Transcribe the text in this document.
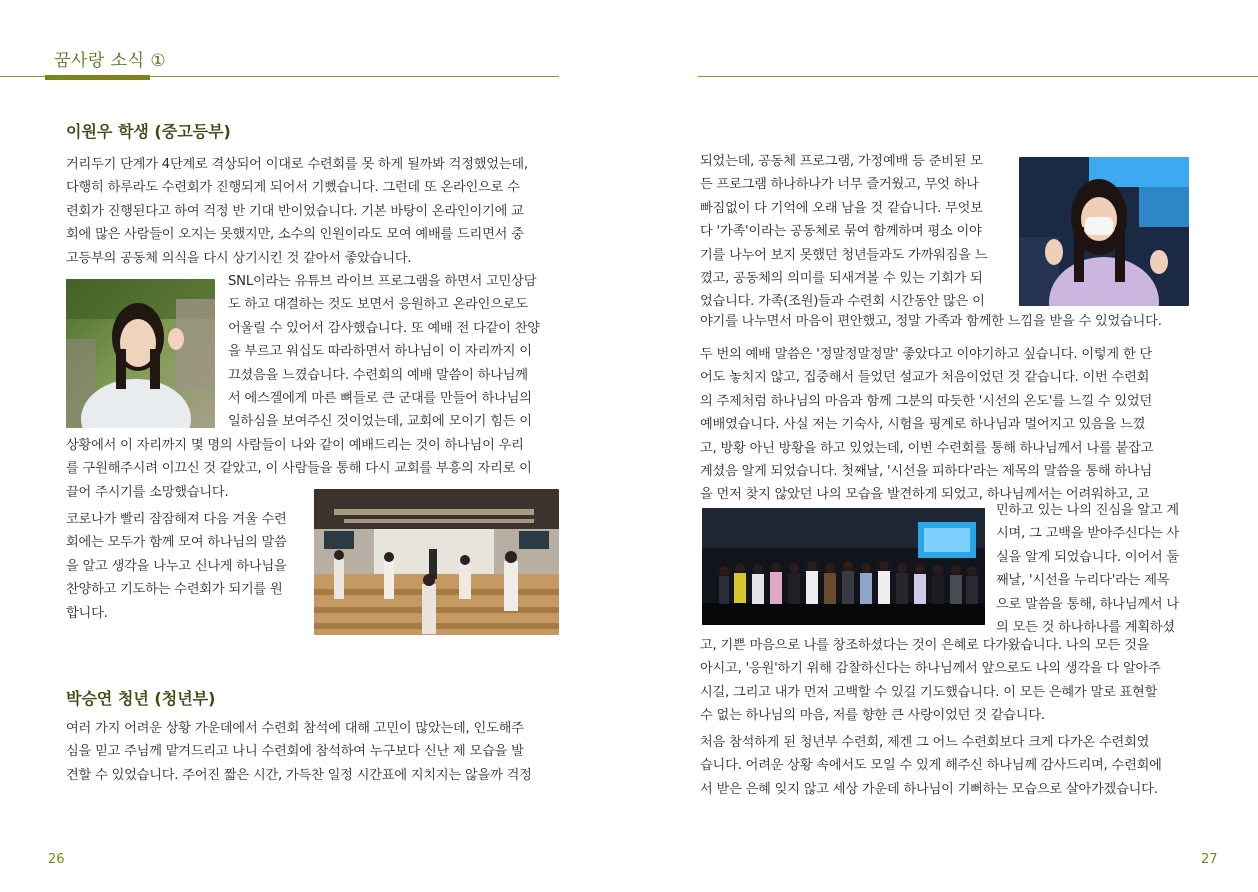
꿈사랑 소식 ①
이원우 학생 (중고등부)
거리두기 단계가 4단계로 격상되어 이대로 수련회를 못 하게 될까봐 걱정했었는데,
다행히 하루라도 수련회가 진행되게 되어서 기뻤습니다. 그런데 또 온라인으로 수
련회가 진행된다고 하여 걱정 반 기대 반이었습니다. 기본 바탕이 온라인이기에 교
회에 많은 사람들이 오지는 못했지만, 소수의 인원이라도 모여 예배를 드리면서 중
고등부의 공동체 의식을 다시 상기시킨 것 같아서 좋았습니다.
SNL이라는 유튜브 라이브 프로그램을 하면서 고민상담
도 하고 대결하는 것도 보면서 응원하고 온라인으로도
어울릴 수 있어서 감사했습니다. 또 예배 전 다같이 찬양
을 부르고 워십도 따라하면서 하나님이 이 자리까지 이
끄셨음을 느꼈습니다. 수련회의 예배 말씀이 하나님께
서 에스겔에게 마른 뼈들로 큰 군대를 만들어 하나님의
일하심을 보여주신 것이었는데, 교회에 모이기 힘든 이
상황에서 이 자리까지 몇 명의 사람들이 나와 같이 예배드리는 것이 하나님이 우리
를 구원해주시려 이끄신 것 같았고, 이 사람들을 통해 다시 교회를 부흥의 자리로 이
끌어 주시기를 소망했습니다.
코로나가 빨리 잠잠해져 다음 겨울 수련
회에는 모두가 함께 모여 하나님의 말씀
을 알고 생각을 나누고 신나게 하나님을
찬양하고 기도하는 수련회가 되기를 원
합니다.
박승연 청년 (청년부)
여러 가지 어려운 상황 가운데에서 수련회 참석에 대해 고민이 많았는데, 인도해주
심을 믿고 주님께 맡겨드리고 나니 수련회에 참석하여 누구보다 신난 제 모습을 발
견할 수 있었습니다. 주어진 짧은 시간, 가득찬 일정 시간표에 지치지는 않을까 걱정
26
되었는데, 공동체 프로그램, 가정예배 등 준비된 모
든 프로그램 하나하나가 너무 즐거웠고, 무엇 하나
빠짐없이 다 기억에 오래 남을 것 같습니다. 무엇보
다 '가족'이라는 공동체로 묶여 함께하며 평소 이야
기를 나누어 보지 못했던 청년들과도 가까워짐을 느
꼈고, 공동체의 의미를 되새겨볼 수 있는 기회가 되
었습니다. 가족(조원)들과 수련회 시간동안 많은 이
야기를 나누면서 마음이 편안했고, 정말 가족과 함께한 느낌을 받을 수 있었습니다.
두 번의 예배 말씀은 '정말정말정말' 좋았다고 이야기하고 싶습니다. 이렇게 한 단
어도 놓치지 않고, 집중해서 들었던 설교가 처음이었던 것 같습니다. 이번 수련회
의 주제처럼 하나님의 마음과 함께 그분의 따듯한 '시선의 온도'를 느낄 수 있었던
예배였습니다. 사실 저는 기숙사, 시험을 핑계로 하나님과 멀어지고 있음을 느꼈
고, 방황 아닌 방황을 하고 있었는데, 이번 수련회를 통해 하나님께서 나를 붙잡고
계셨음 알게 되었습니다. 첫째날, '시선을 피하다'라는 제목의 말씀을 통해 하나님
을 먼저 찾지 않았던 나의 모습을 발견하게 되었고, 하나님께서는 어려워하고, 고
민하고 있는 나의 진심을 알고 계
시며, 그 고백을 받아주신다는 사
실을 알게 되었습니다. 이어서 둘
째날, '시선을 누리다'라는 제목
으로 말씀을 통해, 하나님께서 나
의 모든 것 하나하나를 계획하셨
고, 기쁜 마음으로 나를 창조하셨다는 것이 은혜로 다가왔습니다. 나의 모든 것을
아시고, '응원'하기 위해 감찰하신다는 하나님께서 앞으로도 나의 생각을 다 알아주
시길, 그리고 내가 먼저 고백할 수 있길 기도했습니다. 이 모든 은혜가 말로 표현할
수 없는 하나님의 마음, 저를 향한 큰 사랑이었던 것 같습니다.
처음 참석하게 된 청년부 수련회, 제겐 그 어느 수련회보다 크게 다가온 수련회였
습니다. 어려운 상황 속에서도 모일 수 있게 해주신 하나님께 감사드리며, 수련회에
서 받은 은혜 잊지 않고 세상 가운데 하나님이 기뻐하는 모습으로 살아가겠습니다.
27
